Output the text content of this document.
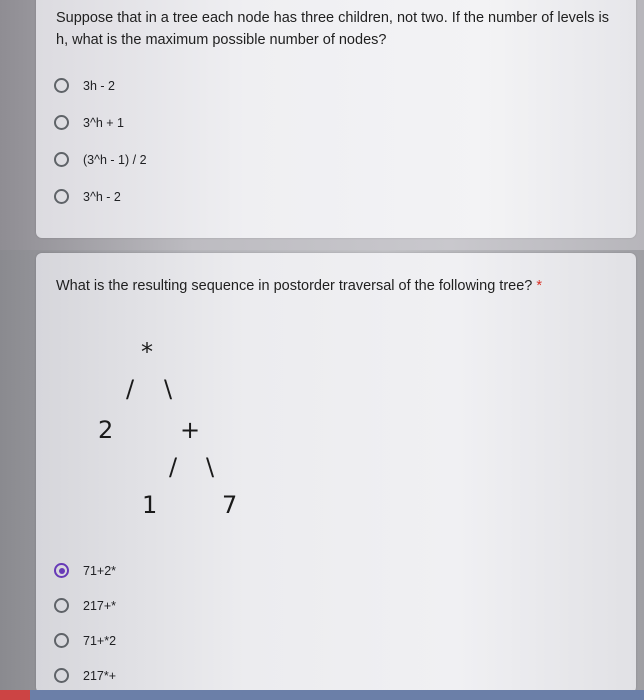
Suppose that in a tree each node has three children, not two. If the number of levels is h, what is the maximum possible number of nodes?
3h - 2
3^h + 1
(3^h - 1) / 2
3^h - 2
What is the resulting sequence in postorder traversal of the following tree? *
*
/ \
2	+
/ \
1	7
71+2*
217+*
71+*2
217*+
